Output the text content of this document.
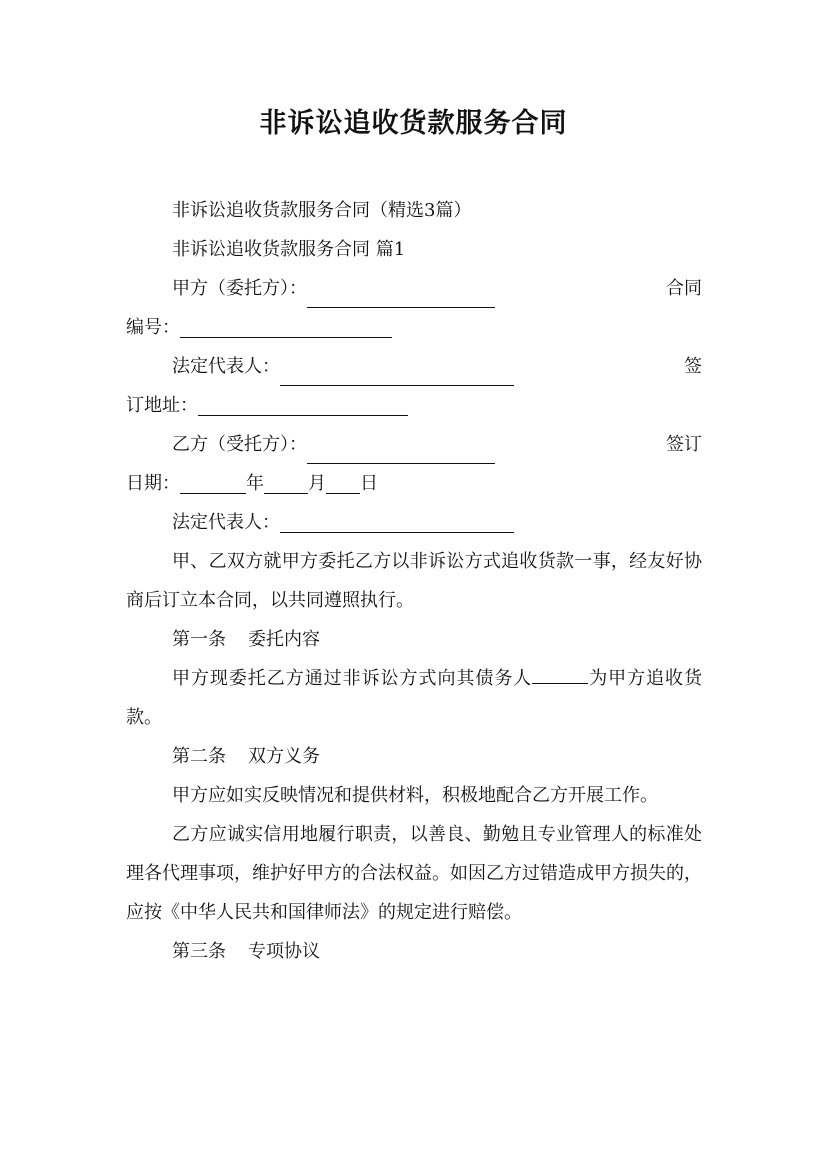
非诉讼追收货款服务合同
非诉讼追收货款服务合同（精选3篇）
非诉讼追收货款服务合同 篇1
甲方（委托方）：	合同
编号：
法定代表人：	签
订地址：
乙方（受托方）：	签订
日期：	年 月 日
法定代表人：
甲、乙双方就甲方委托乙方以非诉讼方式追收货款一事，经友好协商后订立本合同，以共同遵照执行。
第一条 委托内容
甲方现委托乙方通过非诉讼方式向其债务人	为甲方追收货款。
第二条 双方义务
甲方应如实反映情况和提供材料，积极地配合乙方开展工作。
乙方应诚实信用地履行职责，以善良、勤勉且专业管理人的标准处理各代理事项，维护好甲方的合法权益。如因乙方过错造成甲方损失的，应按《中华人民共和国律师法》的规定进行赔偿。
第三条 专项协议
